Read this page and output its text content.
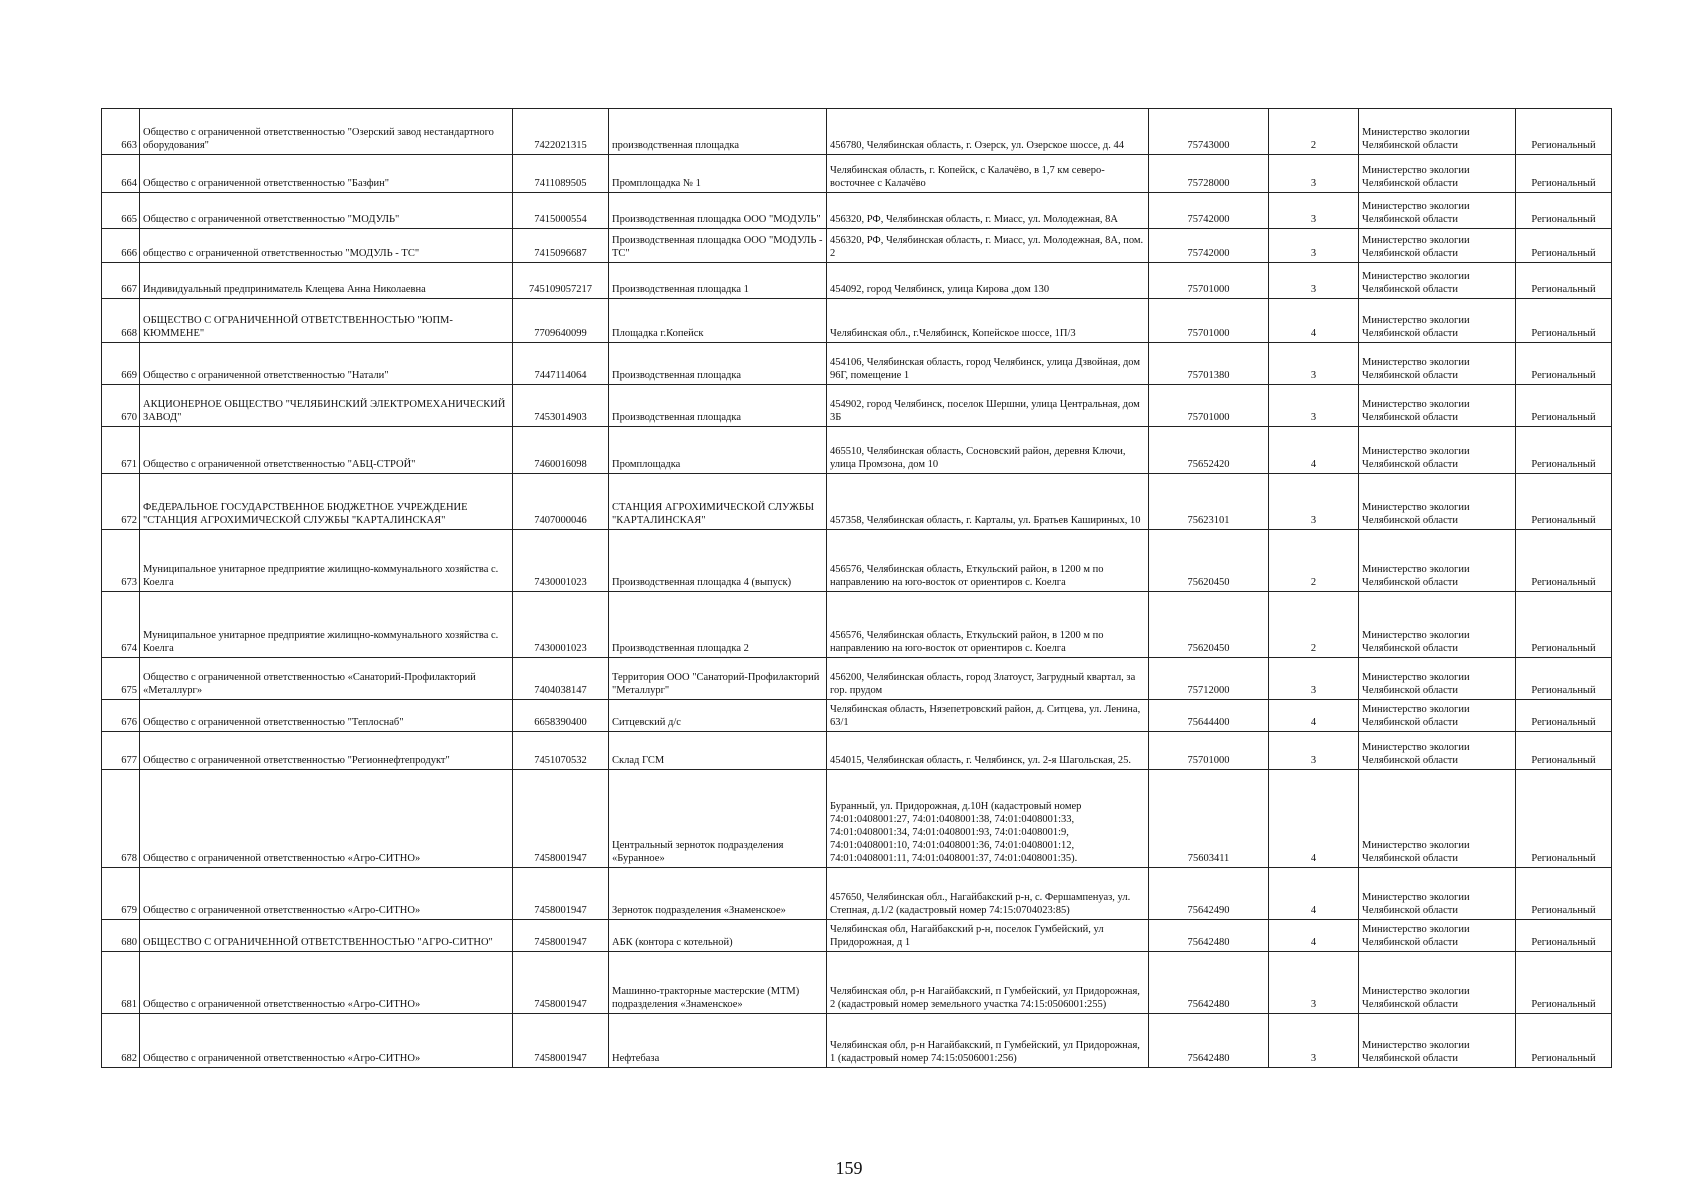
663	Общество с ограниченной ответственностью "Озерский завод нестандартного оборудования"	7422021315	производственная площадка	456780, Челябинская область, г. Озерск, ул. Озерское шоссе, д. 44	75743000	2	Министерство экологии Челябинской области	Региональный
664	Общество с ограниченной ответственностью "Базфин"	7411089505	Промплощадка № 1	Челябинская область, г. Копейск, с Калачёво, в 1,7 км северо-восточнее с Калачёво	75728000	3	Министерство экологии Челябинской области	Региональный
665	Общество с ограниченной ответственностью "МОДУЛЬ"	7415000554	Производственная площадка ООО "МОДУЛЬ"	456320, РФ, Челябинская область, г. Миасс, ул. Молодежная, 8А	75742000	3	Министерство экологии Челябинской области	Региональный
666	общество с ограниченной ответственностью "МОДУЛЬ - ТС"	7415096687	Производственная площадка ООО "МОДУЛЬ - ТС"	456320, РФ, Челябинская область, г. Миасс, ул. Молодежная, 8А, пом. 2	75742000	3	Министерство экологии Челябинской области	Региональный
667	Индивидуальный предприниматель Клещева Анна Николаевна	745109057217	Производственная площадка 1	454092, город Челябинск, улица Кирова ,дом 130	75701000	3	Министерство экологии Челябинской области	Региональный
668	ОБЩЕСТВО С ОГРАНИЧЕННОЙ ОТВЕТСТВЕННОСТЬЮ "ЮПМ-КЮММЕНЕ"	7709640099	Площадка г.Копейск	Челябинская обл., г.Челябинск, Копейское шоссе, 1П/3	75701000	4	Министерство экологии Челябинской области	Региональный
669	Общество с ограниченной ответственностью "Натали"	7447114064	Производственная площадка	454106, Челябинская область, город Челябинск, улица Дзвойная, дом 96Г, помещение 1	75701380	3	Министерство экологии Челябинской области	Региональный
670	АКЦИОНЕРНОЕ ОБЩЕСТВО "ЧЕЛЯБИНСКИЙ ЭЛЕКТРОМЕХАНИЧЕСКИЙ ЗАВОД"	7453014903	Производственная площадка	454902, город Челябинск, поселок Шершни, улица Центральная, дом 3Б	75701000	3	Министерство экологии Челябинской области	Региональный
671	Общество с ограниченной ответственностью "АБЦ-СТРОЙ"	7460016098	Промплощадка	465510, Челябинская область, Сосновский район, деревня Ключи, улица Промзона, дом 10	75652420	4	Министерство экологии Челябинской области	Региональный
672	ФЕДЕРАЛЬНОЕ ГОСУДАРСТВЕННОЕ БЮДЖЕТНОЕ УЧРЕЖДЕНИЕ "СТАНЦИЯ АГРОХИМИЧЕСКОЙ СЛУЖБЫ "КАРТАЛИНСКАЯ"	7407000046	СТАНЦИЯ АГРОХИМИЧЕСКОЙ СЛУЖБЫ "КАРТАЛИНСКАЯ"	457358, Челябинская область, г. Карталы, ул. Братьев Кашириных, 10	75623101	3	Министерство экологии Челябинской области	Региональный
673	Муниципальное унитарное предприятие жилищно-коммунального хозяйства с. Коелга	7430001023	Производственная площадка 4 (выпуск)	456576, Челябинская область, Еткульский район, в 1200 м по направлению на юго-восток от ориентиров с. Коелга	75620450	2	Министерство экологии Челябинской области	Региональный
674	Муниципальное унитарное предприятие жилищно-коммунального хозяйства с. Коелга	7430001023	Производственная площадка 2	456576, Челябинская область, Еткульский район, в 1200 м по направлению на юго-восток от ориентиров с. Коелга	75620450	2	Министерство экологии Челябинской области	Региональный
675	Общество с ограниченной ответственностью «Санаторий-Профилакторий «Металлург»	7404038147	Территория ООО "Санаторий-Профилакторий "Металлург"	456200, Челябинская область, город Златоуст, Загрудный квартал, за гор. прудом	75712000	3	Министерство экологии Челябинской области	Региональный
676	Общество с ограниченной ответственностью "Теплоснаб"	6658390400	Ситцевский д/с	Челябинская область, Нязепетровский район, д. Ситцева, ул. Ленина, 63/1	75644400	4	Министерство экологии Челябинской области	Региональный
677	Общество с ограниченной ответственностью "Регионнефтепродукт"	7451070532	Склад ГСМ	454015, Челябинская область, г. Челябинск, ул. 2-я Шагольская, 25.	75701000	3	Министерство экологии Челябинской области	Региональный
678	Общество с ограниченной ответственностью «Агро-СИТНО»	7458001947	Центральный зерноток подразделения «Буранное»	Буранный, ул. Придорожная, д.10Н (кадастровый номер 74:01:0408001:27, 74:01:0408001:38, 74:01:0408001:33, 74:01:0408001:34, 74:01:0408001:93, 74:01:0408001:9, 74:01:0408001:10, 74:01:0408001:36, 74:01:0408001:12, 74:01:0408001:11, 74:01:0408001:37, 74:01:0408001:35).	75603411	4	Министерство экологии Челябинской области	Региональный
679	Общество с ограниченной ответственностью «Агро-СИТНО»	7458001947	Зерноток подразделения «Знаменское»	457650, Челябинская обл., Нагайбакский р-н, с. Фершампенуаз, ул. Степная, д.1/2 (кадастровый номер 74:15:0704023:85)	75642490	4	Министерство экологии Челябинской области	Региональный
680	ОБЩЕСТВО С ОГРАНИЧЕННОЙ ОТВЕТСТВЕННОСТЬЮ "АГРО-СИТНО"	7458001947	АБК (контора с котельной)	Челябинская обл, Нагайбакский р-н, поселок Гумбейский, ул Придорожная, д 1	75642480	4	Министерство экологии Челябинской области	Региональный
681	Общество с ограниченной ответственностью «Агро-СИТНО»	7458001947	Машинно-тракторные мастерские (МТМ) подразделения «Знаменское»	Челябинская обл, р-н Нагайбакский, п Гумбейский, ул Придорожная, 2 (кадастровый номер земельного участка 74:15:0506001:255)	75642480	3	Министерство экологии Челябинской области	Региональный
682	Общество с ограниченной ответственностью «Агро-СИТНО»	7458001947	Нефтебаза	Челябинская обл, р-н Нагайбакский, п Гумбейский, ул Придорожная, 1 (кадастровый номер 74:15:0506001:256)	75642480	3	Министерство экологии Челябинской области	Региональный
159
